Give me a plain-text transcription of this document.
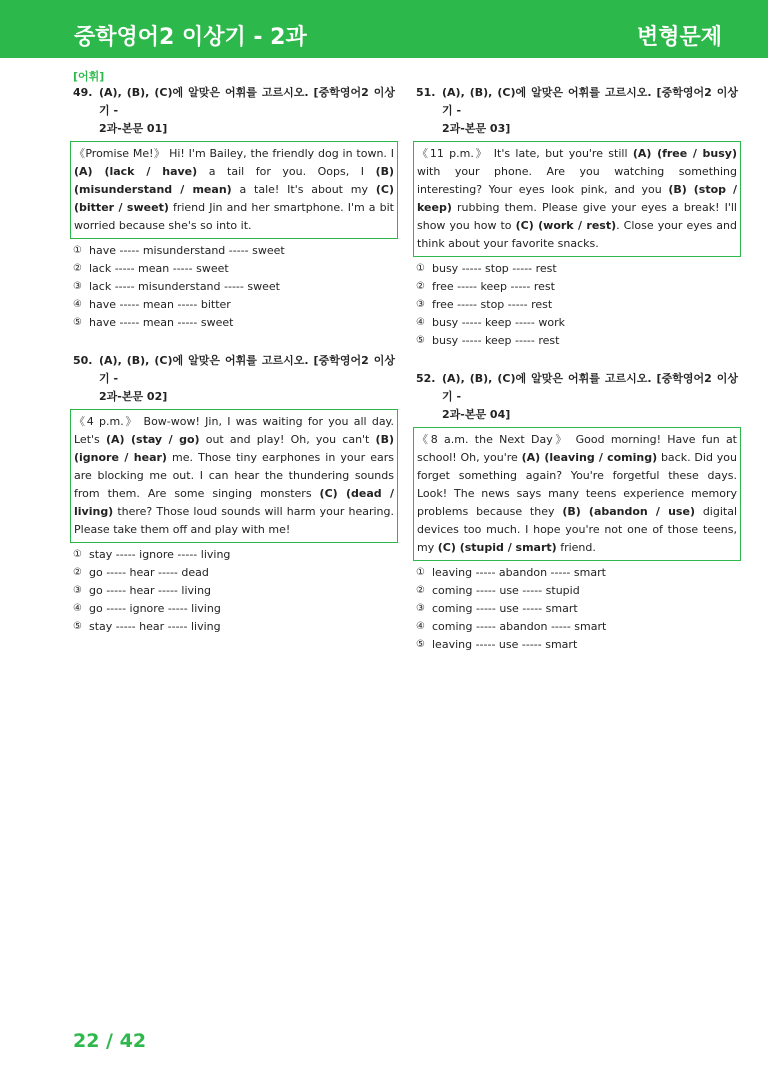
중학영어2 이상기 - 2과	변형문제
[어휘]
49. (A), (B), (C)에 알맞은 어휘를 고르시오. [중학영어2 이상기 -
2과-본문 01]
《Promise Me!》 Hi! I'm Bailey, the friendly dog in town. I (A) (lack / have) a tail for you. Oops, I (B) (misunderstand / mean) a tale! It's about my (C) (bitter / sweet) friend Jin and her smartphone. I'm a bit worried because she's so into it.
① have ----- misunderstand ----- sweet
② lack ----- mean ----- sweet
③ lack ----- misunderstand ----- sweet
④ have ----- mean ----- bitter
⑤ have ----- mean ----- sweet
50. (A), (B), (C)에 알맞은 어휘를 고르시오. [중학영어2 이상기 -
2과-본문 02]
《4 p.m.》 Bow-wow! Jin, I was waiting for you all day. Let's (A) (stay / go) out and play! Oh, you can't (B) (ignore / hear) me. Those tiny earphones in your ears are blocking me out. I can hear the thundering sounds from them. Are some singing monsters (C) (dead / living) there? Those loud sounds will harm your hearing. Please take them off and play with me!
① stay ----- ignore ----- living
② go ----- hear ----- dead
③ go ----- hear ----- living
④ go ----- ignore ----- living
⑤ stay ----- hear ----- living
51. (A), (B), (C)에 알맞은 어휘를 고르시오. [중학영어2 이상기 -
2과-본문 03]
《11 p.m.》 It's late, but you're still (A) (free / busy) with your phone. Are you watching something interesting? Your eyes look pink, and you (B) (stop / keep) rubbing them. Please give your eyes a break! I'll show you how to (C) (work / rest). Close your eyes and think about your favorite snacks.
① busy ----- stop ----- rest
② free ----- keep ----- rest
③ free ----- stop ----- rest
④ busy ----- keep ----- work
⑤ busy ----- keep ----- rest
52. (A), (B), (C)에 알맞은 어휘를 고르시오. [중학영어2 이상기 -
2과-본문 04]
《8 a.m. the Next Day》 Good morning! Have fun at school! Oh, you're (A) (leaving / coming) back. Did you forget something again? You're forgetful these days. Look! The news says many teens experience memory problems because they (B) (abandon / use) digital devices too much. I hope you're not one of those teens, my (C) (stupid / smart) friend.
① leaving ----- abandon ----- smart
② coming ----- use ----- stupid
③ coming ----- use ----- smart
④ coming ----- abandon ----- smart
⑤ leaving ----- use ----- smart
22 / 42
